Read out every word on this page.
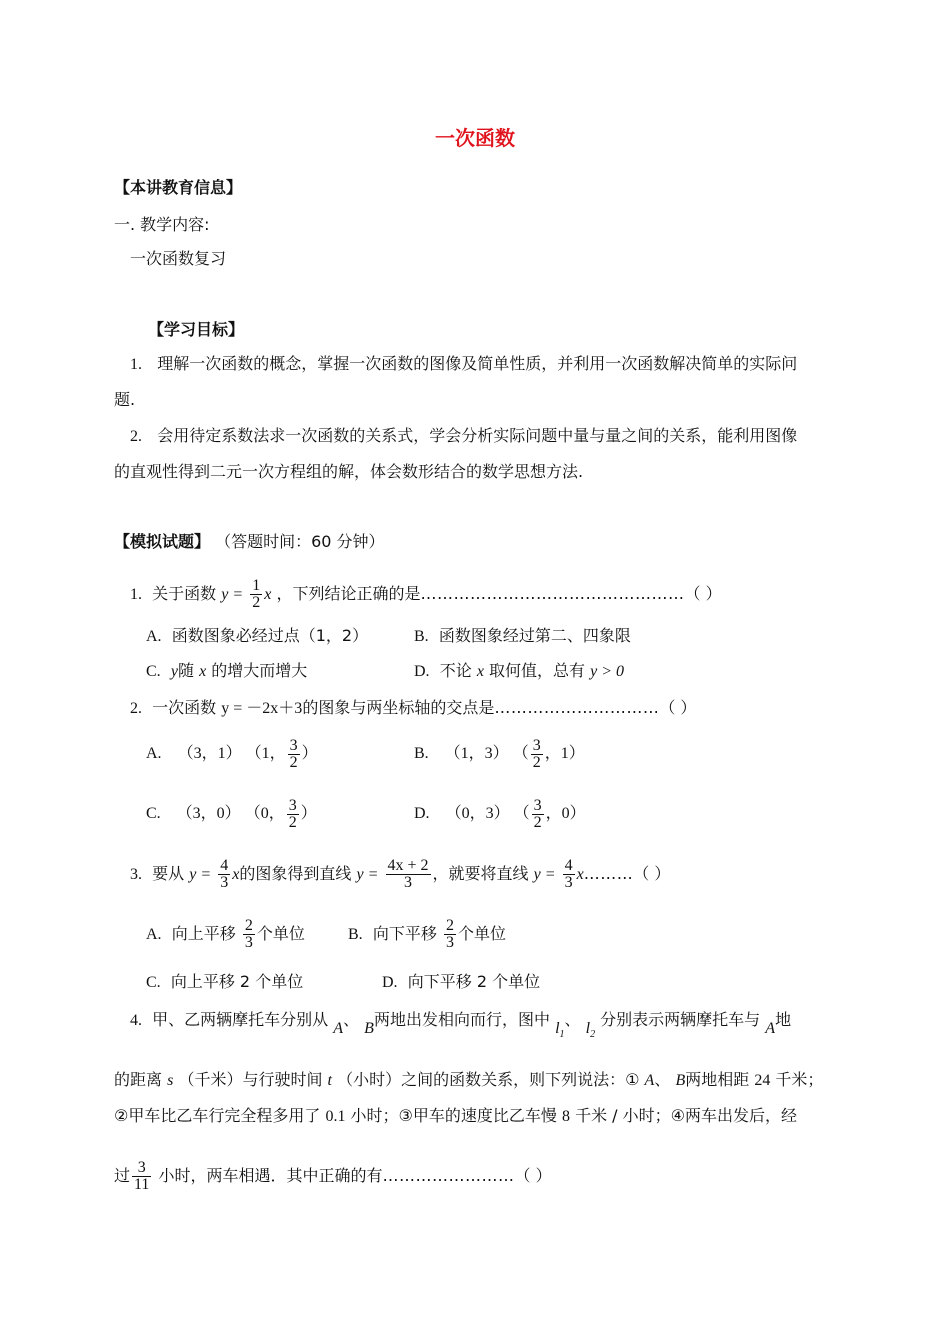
一次函数
【本讲教育信息】
一. 教学内容:
一次函数复习
【学习目标】
1. 理解一次函数的概念，掌握一次函数的图像及简单性质，并利用一次函数解决简单的实际问
题.
2. 会用待定系数法求一次函数的关系式，学会分析实际问题中量与量之间的关系，能利用图像
的直观性得到二元一次方程组的解，体会数形结合的数学思想方法.
【模拟试题】 （答题时间：60 分钟）
1. 关于函数 $y = \frac{1}{2}$ x ，下列结论正确的是…………………………………………（ ）
A. 函数图象必经过点（1，2）	B. 函数图象经过第二、四象限
C. y随 x 的增大而增大	D. 不论 x 取何值，总有 y > 0
2. 一次函数 y = －2x＋3的图象与两坐标轴的交点是…………………………（ ）
A. （3，1） （1， $\frac{3}{2}$ ）	B. （1，3） （ $\frac{3}{2}$ ，1）
C. （3，0） （0， $\frac{3}{2}$ ）	D. （0，3） （ $\frac{3}{2}$ ，0）
3. 要从 $y = \frac{4}{3}$ x的图象得到直线 $y = \frac{4x + 2}{3}$ ，就要将直线 $y = \frac{4}{3}$ x………（ ）
A. 向上平移 $\frac{2}{3}$ 个单位	B. 向下平移 $\frac{2}{3}$ 个单位
C. 向上平移 2 个单位	D. 向下平移 2 个单位
4. 甲、乙两辆摩托车分别从 A、 B两地出发相向而行，图中 $l_1$、 $l_2$ 分别表示两辆摩托车与 A地
的距离 s （千米）与行驶时间 t （小时）之间的函数关系，则下列说法：① A、 B两地相距 24 千米；
②甲车比乙车行完全程多用了 0.1 小时；③甲车的速度比乙车慢 8 千米 / 小时；④两车出发后，经
过 $\frac{3}{11}$ 小时，两车相遇．其中正确的有……………………（ ）
